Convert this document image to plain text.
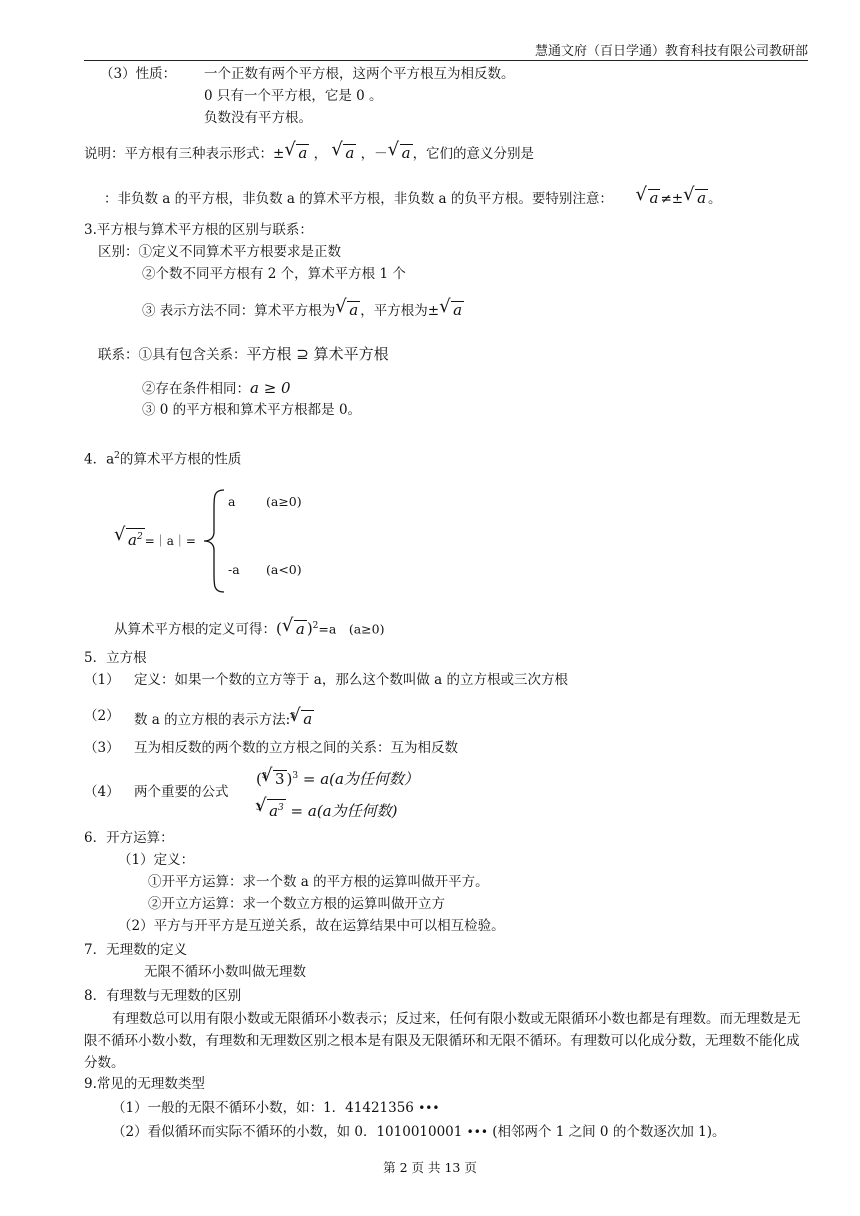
慧通文府（百日学通）教育科技有限公司教研部
（3）性质： 一个正数有两个平方根，这两个平方根互为相反数。
0 只有一个平方根，它是 0 。
负数没有平方根。
说明：平方根有三种表示形式：± √ a ， √ a ，－ √ a ，它们的意义分别是
：非负数 a 的平方根，非负数 a 的算术平方根，非负数 a 的负平方根。要特别注意： √ a ≠± √ a 。
3.平方根与算术平方根的区别与联系：
区别：①定义不同算术平方根要求是正数
②个数不同平方根有 2 个，算术平方根 1 个
③ 表示方法不同：算术平方根为 √ a ，平方根为± √ a
联系：①具有包含关系：平方根 ⊇ 算术平方根
②存在条件相同：a ≥ 0
③ 0 的平方根和算术平方根都是 0。
4．$a^2$的算术平方根的性质
√ $a^2$ =｜a｜=
a (a≥0)
-a (a<0)
从算术平方根的定义可得：( √ a )$^2$=a　(a≥0)
5．立方根
（1） 定义：如果一个数的立方等于 a，那么这个数叫做 a 的立方根或三次方根
（2） 数 a 的立方根的表示方法:$^3$ √ a
（3） 互为相反数的两个数的立方根之间的关系：互为相反数
（4） 两个重要的公式
($^3$ √ 3 )$^3$ = a(a为任何数）
$^3$ √ $a^3 = a(a$为任何数)
6．开方运算：
（1）定义：
①开平方运算：求一个数 a 的平方根的运算叫做开平方。
②开立方运算：求一个数立方根的运算叫做开立方
（2）平方与开平方是互逆关系，故在运算结果中可以相互检验。
7．无理数的定义
无限不循环小数叫做无理数
8．有理数与无理数的区别

有理数总可以用有限小数或无限循环小数表示；反过来，任何有限小数或无限循环小数也都是有理数。而无理数是无限不循环小数小数，有理数和无理数区别之根本是有限及无限循环和无限不循环。有理数可以化成分数，无理数不能化成分数。

9.常见的无理数类型
（1）一般的无限不循环小数，如：1．41421356 •••
（2）看似循环而实际不循环的小数，如 0．1010010001 ••• (相邻两个 1 之间 0 的个数逐次加 1)。
第 2 页 共 13 页
